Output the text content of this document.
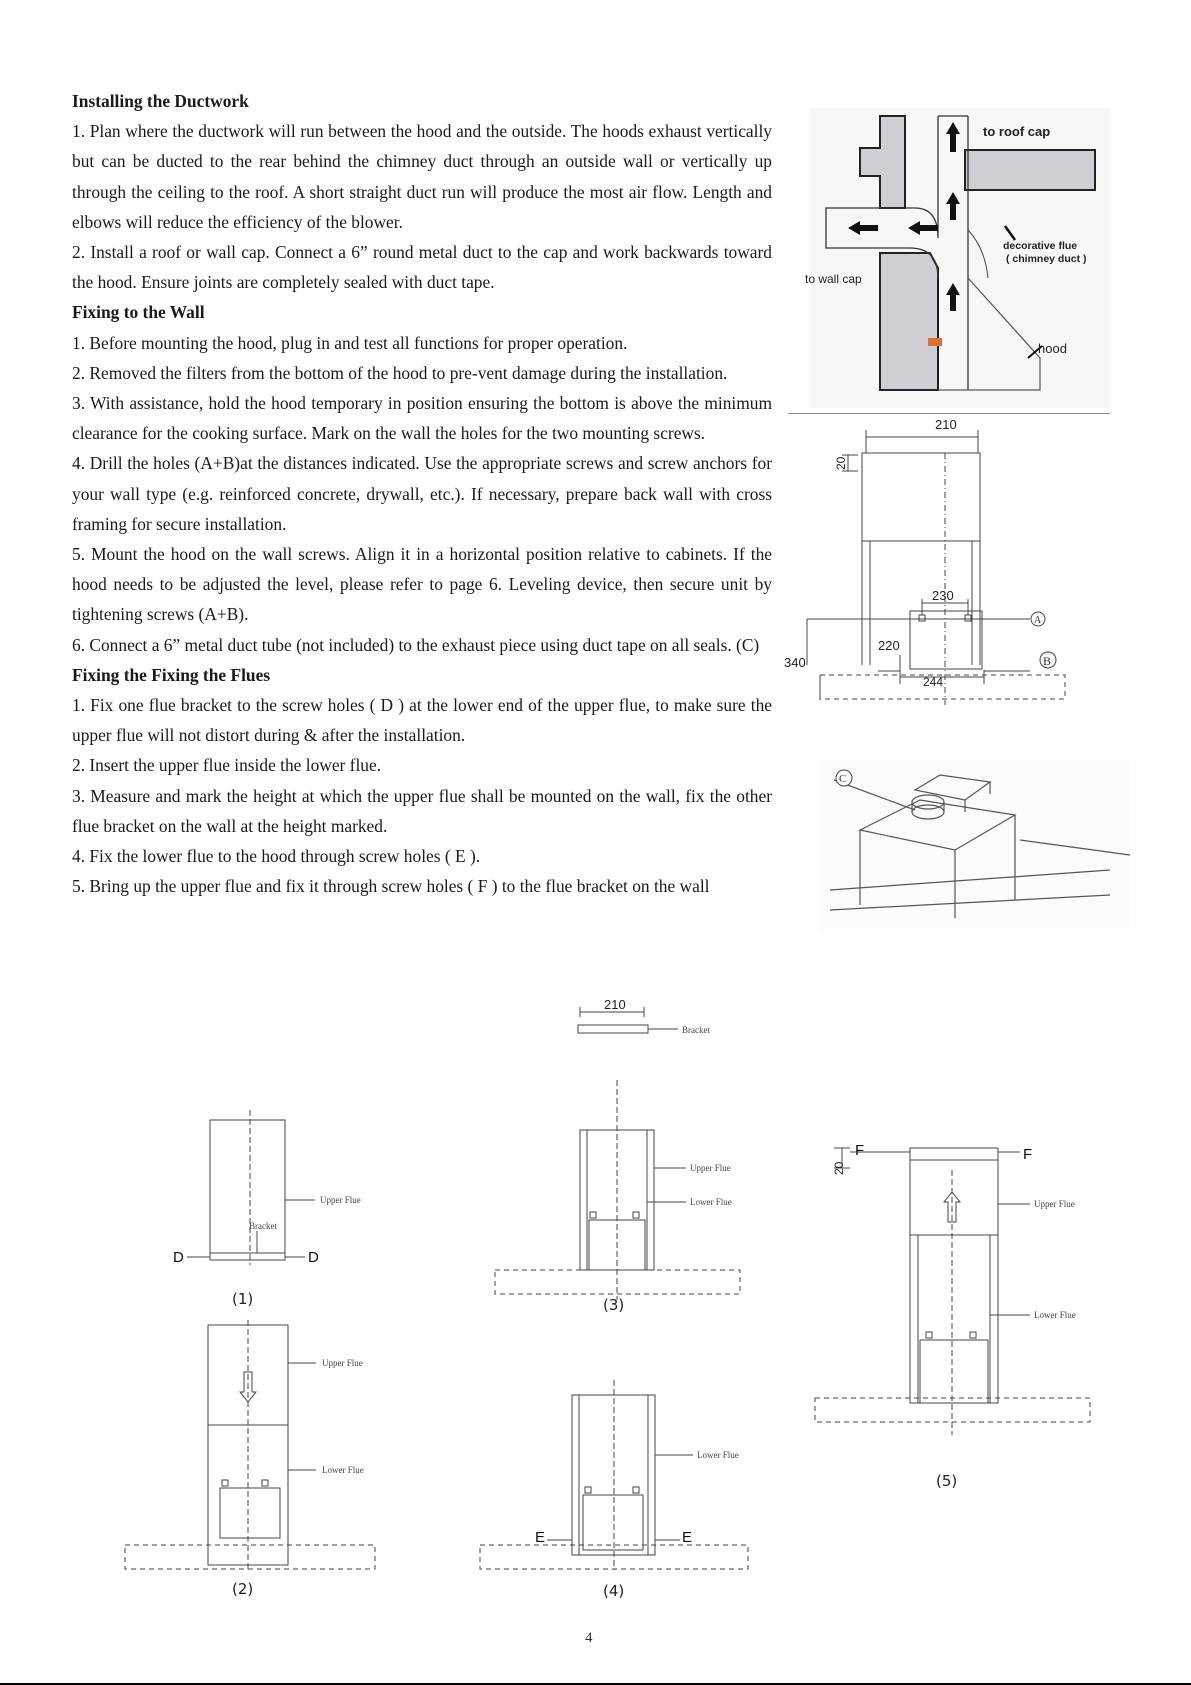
Installing the Ductwork

1. Plan where the ductwork will run between the hood and the outside. The hoods exhaust vertically but can be ducted to the rear behind the chimney duct through an outside wall or vertically up through the ceiling to the roof. A short straight duct run will produce the most air flow. Length and elbows will reduce the efficiency of the blower.

2. Install a roof or wall cap. Connect a 6” round metal duct to the cap and work backwards toward the hood. Ensure joints are completely sealed with duct tape.

Fixing to the Wall

1. Before mounting the hood, plug in and test all functions for proper operation.

2. Removed the filters from the bottom of the hood to pre-vent damage during the installation.

3. With assistance, hold the hood temporary in position ensuring the bottom is above the minimum clearance for the cooking surface. Mark on the wall the holes for the two mounting screws.

4. Drill the holes (A+B)at the distances indicated. Use the appropriate screws and screw anchors for your wall type (e.g. reinforced concrete, drywall, etc.). If necessary, prepare back wall with cross framing for secure installation.

5. Mount the hood on the wall screws. Align it in a horizontal position relative to cabinets. If the hood needs to be adjusted the level, please refer to page 6. Leveling device, then secure unit by tightening screws (A+B).

6. Connect a 6” metal duct tube (not included) to the exhaust piece using duct tape on all seals. (C)

Fixing the Fixing the Flues

1. Fix one flue bracket to the screw holes ( D ) at the lower end of the upper flue, to make sure the upper flue will not distort during & after the installation.

2. Insert the upper flue inside the lower flue.

3. Measure and mark the height at which the upper flue shall be mounted on the wall, fix the other flue bracket on the wall at the height marked.

4. Fix the lower flue to the hood through screw holes ( E ).

5. Bring up the upper flue and fix it through screw holes ( F ) to the flue bracket on the wall

to roof cap
to wall cap
decorative flue
( chimney duct )
hood
210
20
230
220
340
244
A
B
C
210
Bracket
Upper Flue
Bracket
D	D
(1)
Upper Flue
Lower Flue
(2)
Upper Flue
Lower Flue
(3)
Lower Flue
E	E
(4)
Upper Flue
Lower Flue
F	F
20
(5)
4
